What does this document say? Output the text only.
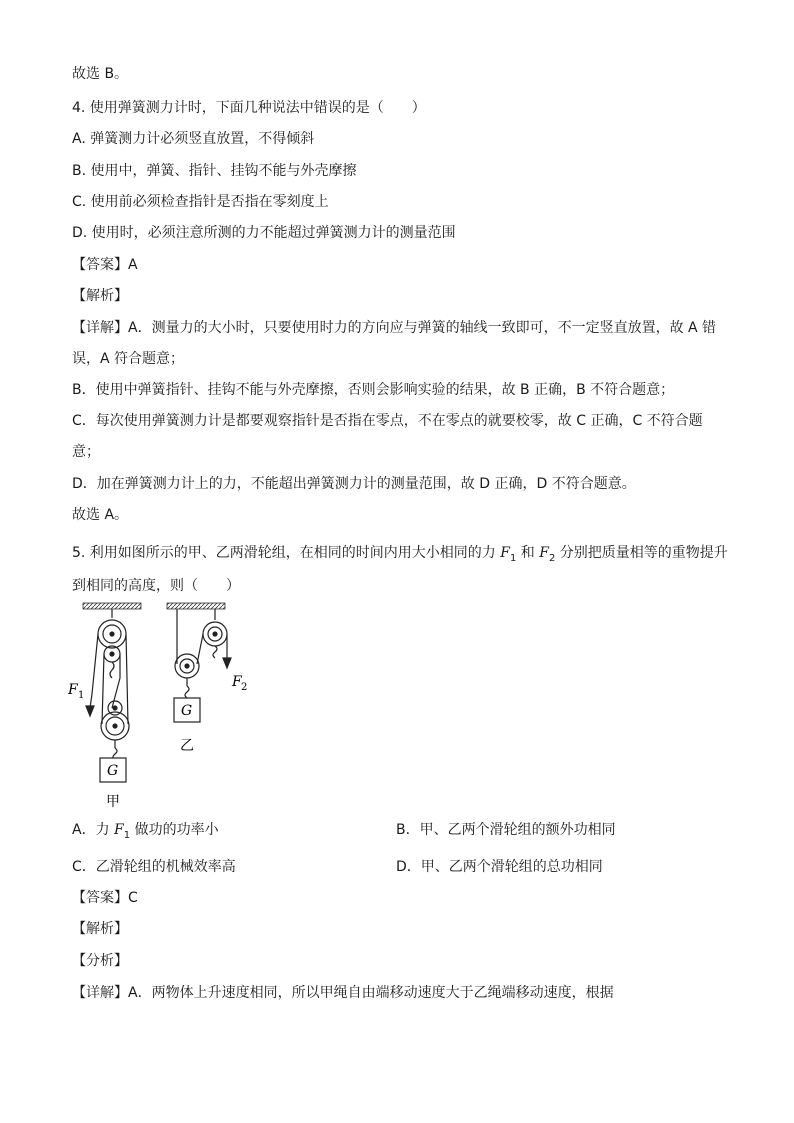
故选 B。
4. 使用弹簧测力计时，下面几种说法中错误的是（　　）
A. 弹簧测力计必须竖直放置，不得倾斜
B. 使用中，弹簧、指针、挂钩不能与外壳摩擦
C. 使用前必须检查指针是否指在零刻度上
D. 使用时，必须注意所测的力不能超过弹簧测力计的测量范围
【答案】A
【解析】
【详解】A．测量力的大小时，只要使用时力的方向应与弹簧的轴线一致即可，不一定竖直放置，故 A 错
误，A 符合题意；
B．使用中弹簧指针、挂钩不能与外壳摩擦，否则会影响实验的结果，故 B 正确，B 不符合题意；
C．每次使用弹簧测力计是都要观察指针是否指在零点，不在零点的就要校零，故 C 正确，C 不符合题
意；
D．加在弹簧测力计上的力，不能超出弹簧测力计的测量范围，故 D 正确，D 不符合题意。
故选 A。
5. 利用如图所示的甲、乙两滑轮组，在相同的时间内用大小相同的力 $F_1$ 和 $F_2$ 分别把质量相等的重物提升
到相同的高度，则（　　）
F 1
F 2
G
G
乙
甲
A．力 $F_1$ 做功的功率小	B．甲、乙两个滑轮组的额外功相同
C．乙滑轮组的机械效率高	D．甲、乙两个滑轮组的总功相同
【答案】C
【解析】
【分析】
【详解】A．两物体上升速度相同，所以甲绳自由端移动速度大于乙绳端移动速度，根据
